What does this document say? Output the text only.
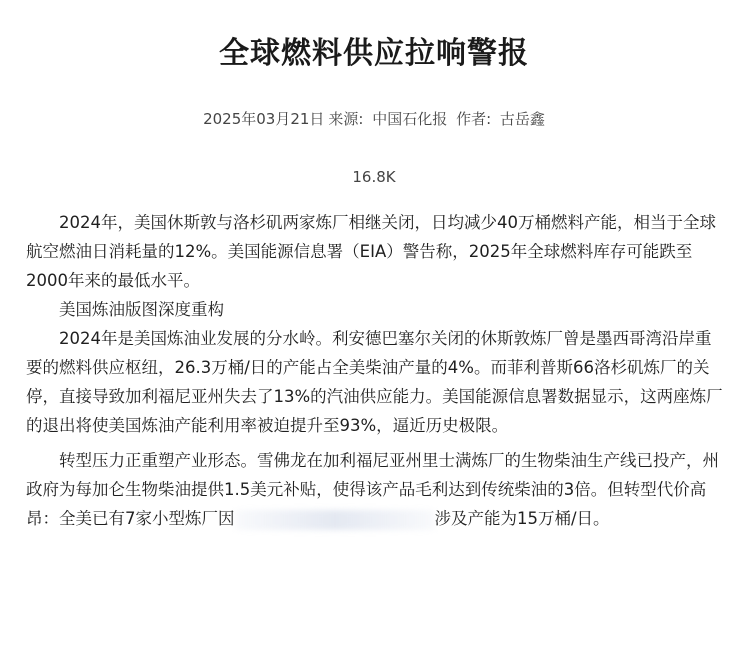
全球燃料供应拉响警报
2025年03月21日 来源: 中国石化报 作者: 古岳鑫
16.8K

2024年，美国休斯敦与洛杉矶两家炼厂相继关闭，日均减少40万桶燃料产能，相当于全球航空燃油日消耗量的12%。美国能源信息署（EIA）警告称，2025年全球燃料库存可能跌至2000年来的最低水平。

美国炼油版图深度重构

2024年是美国炼油业发展的分水岭。利安德巴塞尔关闭的休斯敦炼厂曾是墨西哥湾沿岸重要的燃料供应枢纽，26.3万桶/日的产能占全美柴油产量的4%。而菲利普斯66洛杉矶炼厂的关停，直接导致加利福尼亚州失去了13%的汽油供应能力。美国能源信息署数据显示，这两座炼厂的退出将使美国炼油产能利用率被迫提升至93%，逼近历史极限。

转型压力正重塑产业形态。雪佛龙在加利福尼亚州里士满炼厂的生物柴油生产线已投产，州政府为每加仑生物柴油提供1.5美元补贴，使得该产品毛利达到传统柴油的3倍。但转型代价高昂：全美已有7家小型炼厂因	涉及产能为15万桶/日。
